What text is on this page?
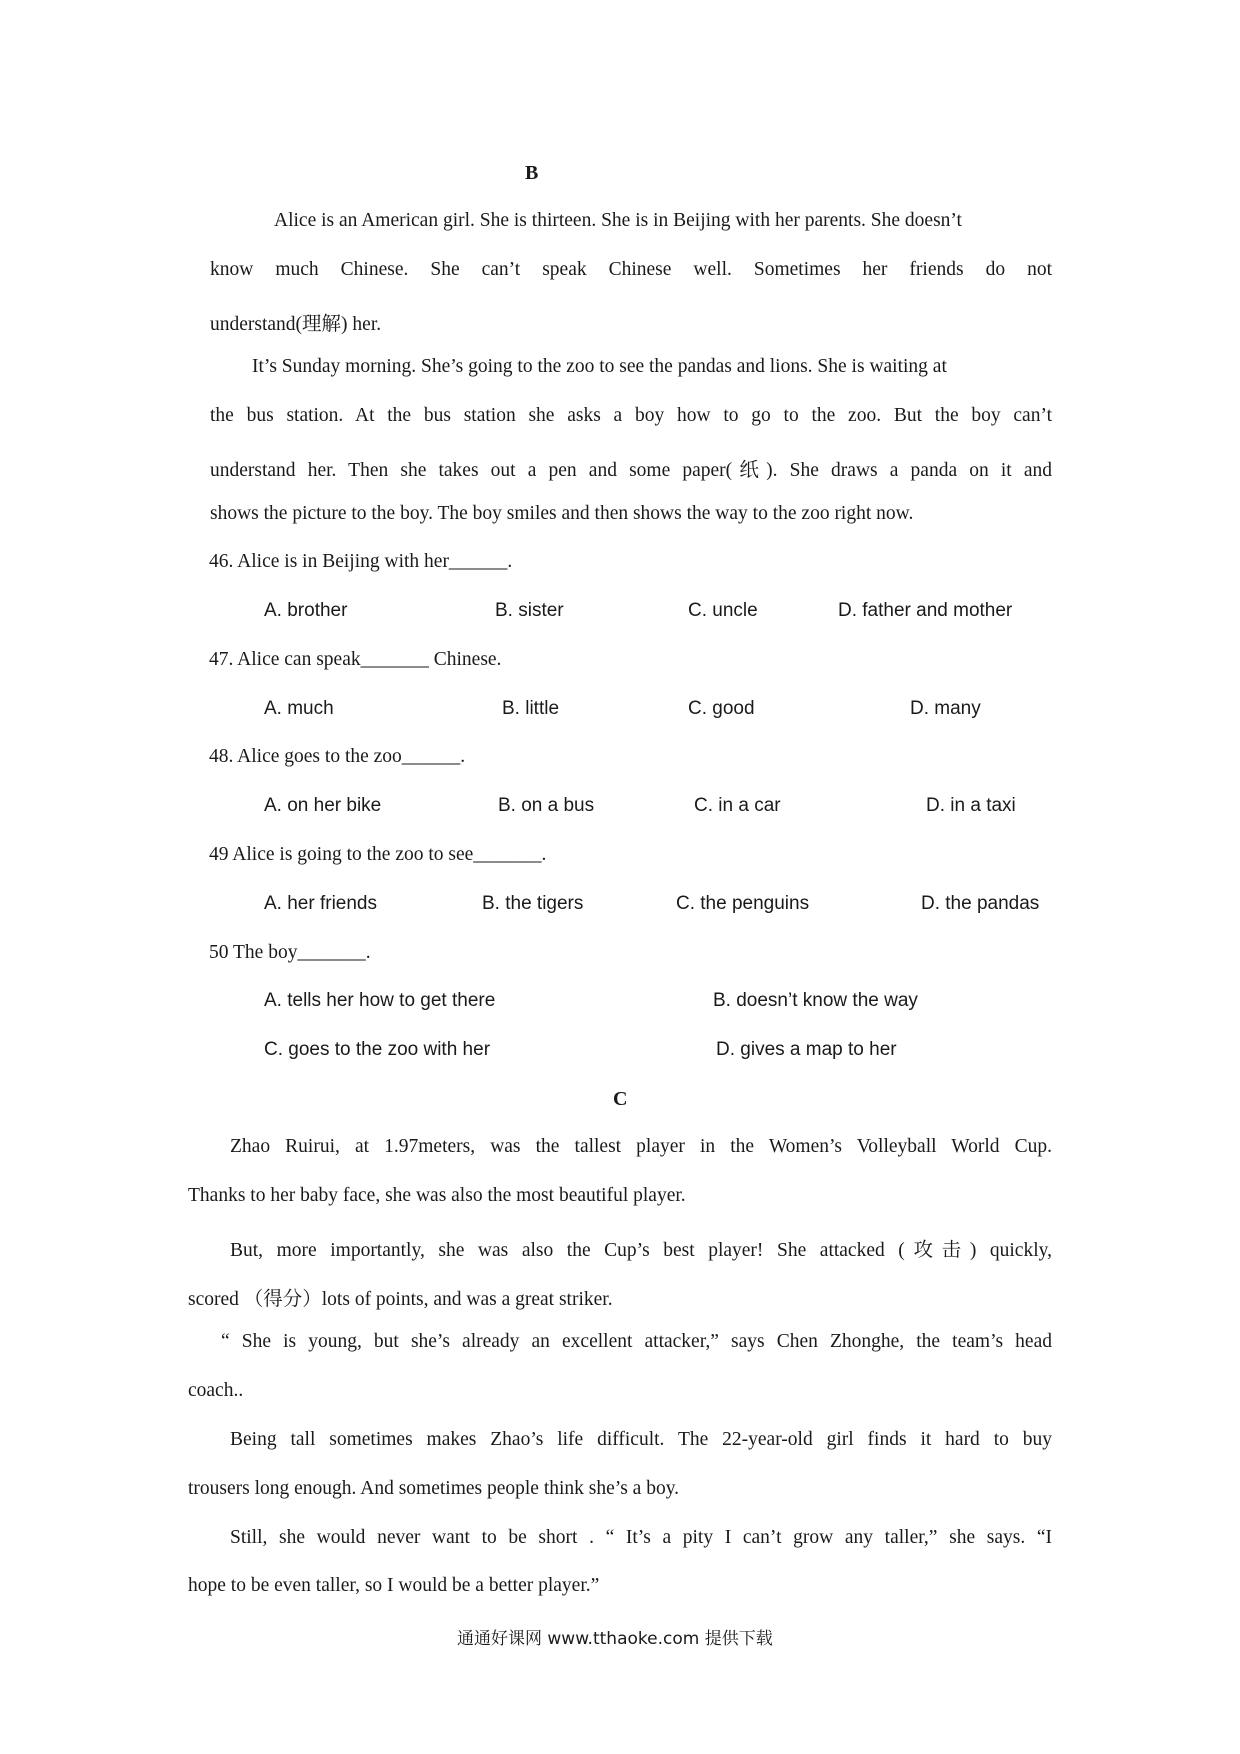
B
Alice is an American girl. She is thirteen. She is in Beijing with her parents. She doesn’t
know much Chinese. She can’t speak Chinese well. Sometimes her friends do not
understand(理解) her.
It’s Sunday morning. She’s going to the zoo to see the pandas and lions. She is waiting at
the bus station. At the bus station she asks a boy how to go to the zoo. But the boy can’t
understand her. Then she takes out a pen and some paper(纸). She draws a panda on it and
shows the picture to the boy. The boy smiles and then shows the way to the zoo right now.
46. Alice is in Beijing with her______.
A. brother	B. sister	C. uncle	D. father and mother
47. Alice can speak_______ Chinese.
A. much	B. little	C. good	D. many
48. Alice goes to the zoo______.
A. on her bike	B. on a bus	C. in a car	D. in a taxi
49 Alice is going to the zoo to see_______.
A. her friends	B. the tigers	C. the penguins	D. the pandas
50 The boy_______.
A. tells her how to get there	B. doesn’t know the way
C. goes to the zoo with her	D. gives a map to her
C
Zhao Ruirui, at 1.97meters, was the tallest player in the Women’s Volleyball World Cup.
Thanks to her baby face, she was also the most beautiful player.
But, more importantly, she was also the Cup’s best player! She attacked (攻击) quickly,
scored （得分）lots of points, and was a great striker.
“ She is young, but she’s already an excellent attacker,” says Chen Zhonghe, the team’s head
coach..
Being tall sometimes makes Zhao’s life difficult. The 22-year-old girl finds it hard to buy
trousers long enough. And sometimes people think she’s a boy.
Still, she would never want to be short . “ It’s a pity I can’t grow any taller,” she says. “I
hope to be even taller, so I would be a better player.”
通通好课网 www.tthaoke.com 提供下载
